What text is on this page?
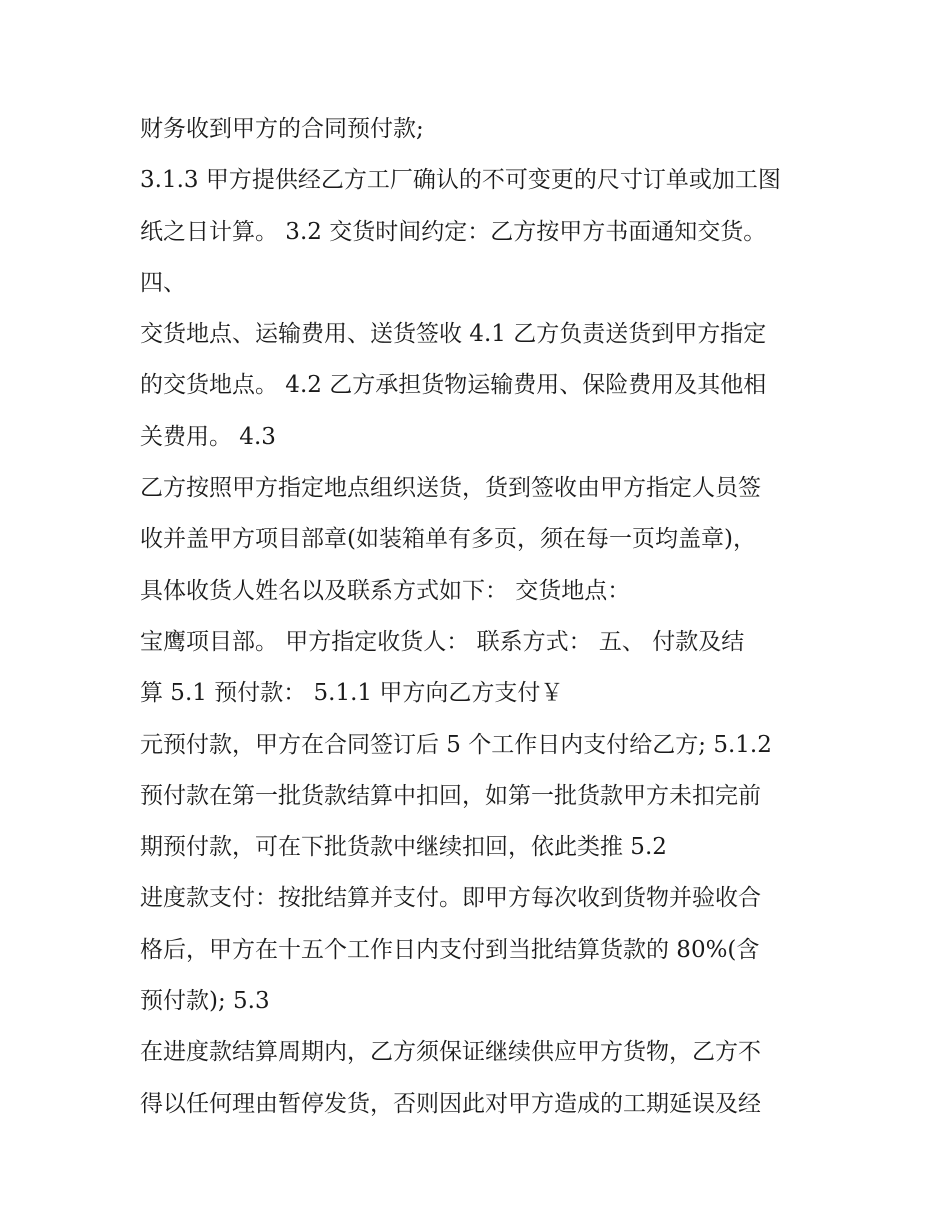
财务收到甲方的合同预付款;
3.1.3 甲方提供经乙方工厂确认的不可变更的尺寸订单或加工图
纸之日计算。 3.2 交货时间约定：乙方按甲方书面通知交货。
四、
交货地点、运输费用、送货签收 4.1 乙方负责送货到甲方指定
的交货地点。 4.2 乙方承担货物运输费用、保险费用及其他相
关费用。 4.3
乙方按照甲方指定地点组织送货，货到签收由甲方指定人员签
收并盖甲方项目部章(如装箱单有多页，须在每一页均盖章)，
具体收货人姓名以及联系方式如下： 交货地点：
宝鹰项目部。 甲方指定收货人： 联系方式： 五、 付款及结
算 5.1 预付款： 5.1.1 甲方向乙方支付￥
元预付款，甲方在合同签订后 5 个工作日内支付给乙方; 5.1.2
预付款在第一批货款结算中扣回，如第一批货款甲方未扣完前
期预付款，可在下批货款中继续扣回，依此类推 5.2
进度款支付：按批结算并支付。即甲方每次收到货物并验收合
格后，甲方在十五个工作日内支付到当批结算货款的 80%(含
预付款); 5.3
在进度款结算周期内，乙方须保证继续供应甲方货物，乙方不
得以任何理由暂停发货，否则因此对甲方造成的工期延误及经
